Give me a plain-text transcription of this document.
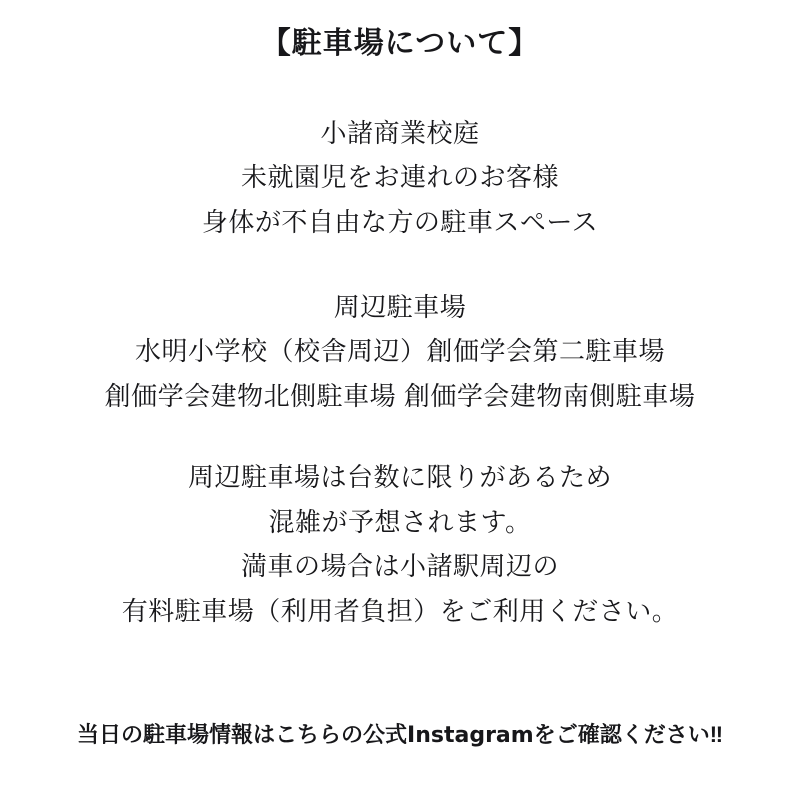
【駐車場について】
小諸商業校庭
未就園児をお連れのお客様
身体が不自由な方の駐車スペース
周辺駐車場
水明小学校（校舎周辺）創価学会第二駐車場
創価学会建物北側駐車場 創価学会建物南側駐車場
周辺駐車場は台数に限りがあるため
混雑が予想されます。
満車の場合は小諸駅周辺の
有料駐車場（利用者負担）をご利用ください。
当日の駐車場情報はこちらの公式Instagramをご確認ください‼
